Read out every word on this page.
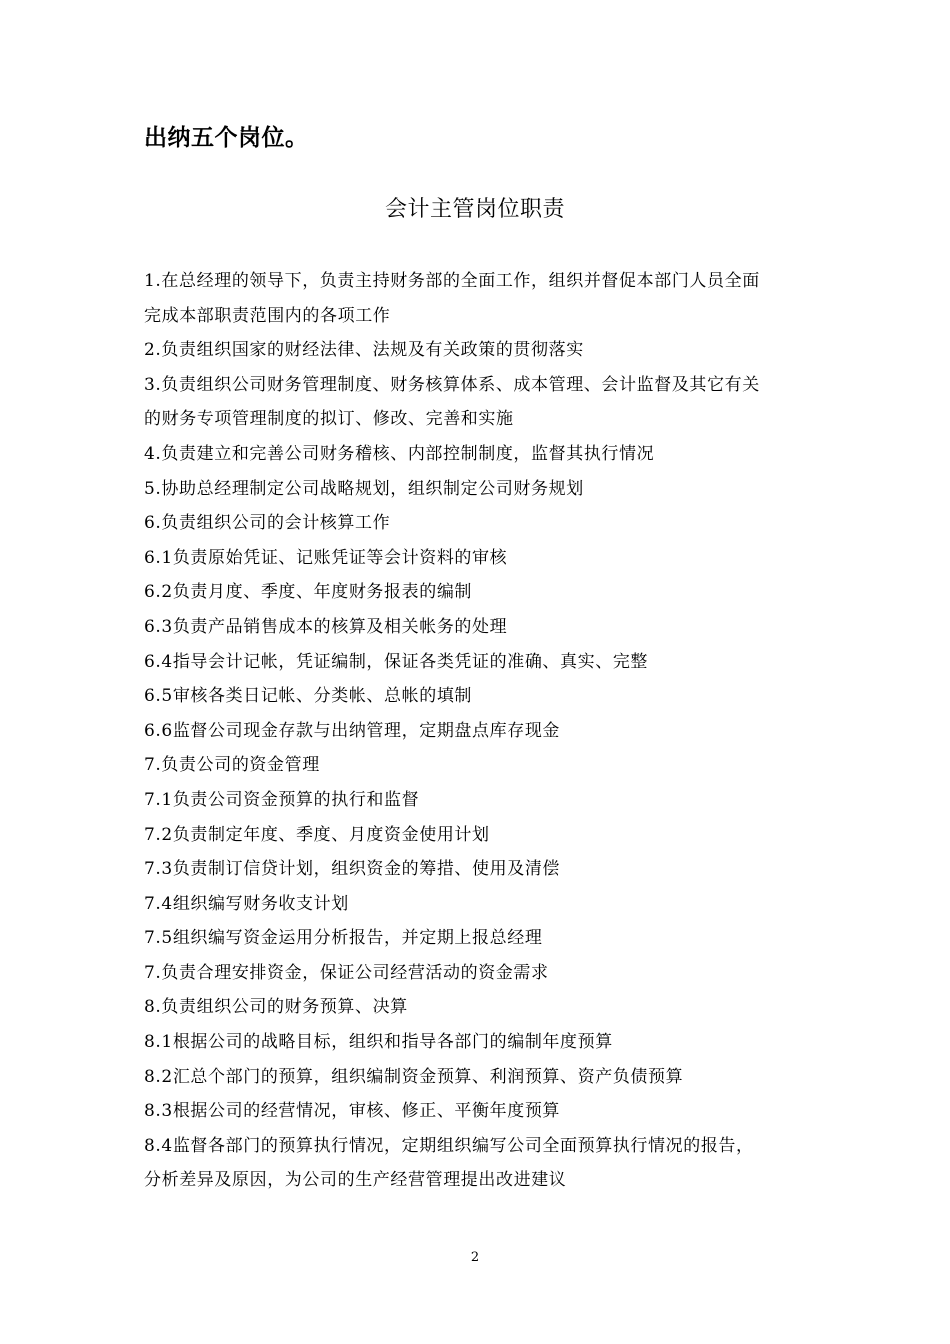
出纳五个岗位。
会计主管岗位职责
1.在总经理的领导下，负责主持财务部的全面工作，组织并督促本部门人员全面
完成本部职责范围内的各项工作
2.负责组织国家的财经法律、法规及有关政策的贯彻落实
3.负责组织公司财务管理制度、财务核算体系、成本管理、会计监督及其它有关
的财务专项管理制度的拟订、修改、完善和实施
4.负责建立和完善公司财务稽核、内部控制制度，监督其执行情况
5.协助总经理制定公司战略规划，组织制定公司财务规划
6.负责组织公司的会计核算工作
6.1负责原始凭证、记账凭证等会计资料的审核
6.2负责月度、季度、年度财务报表的编制
6.3负责产品销售成本的核算及相关帐务的处理
6.4指导会计记帐，凭证编制，保证各类凭证的准确、真实、完整
6.5审核各类日记帐、分类帐、总帐的填制
6.6监督公司现金存款与出纳管理，定期盘点库存现金
7.负责公司的资金管理
7.1负责公司资金预算的执行和监督
7.2负责制定年度、季度、月度资金使用计划
7.3负责制订信贷计划，组织资金的筹措、使用及清偿
7.4组织编写财务收支计划
7.5组织编写资金运用分析报告，并定期上报总经理
7.负责合理安排资金，保证公司经营活动的资金需求
8.负责组织公司的财务预算、决算
8.1根据公司的战略目标，组织和指导各部门的编制年度预算
8.2汇总个部门的预算，组织编制资金预算、利润预算、资产负债预算
8.3根据公司的经营情况，审核、修正、平衡年度预算
8.4监督各部门的预算执行情况，定期组织编写公司全面预算执行情况的报告，
分析差异及原因，为公司的生产经营管理提出改进建议
2
